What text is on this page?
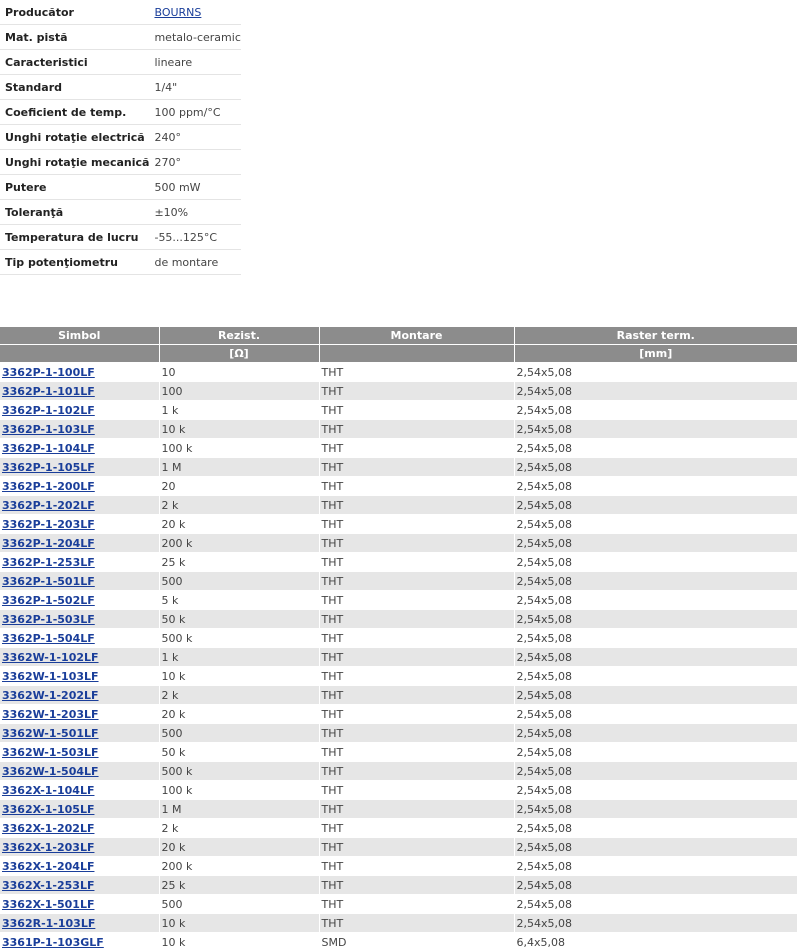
Producător	BOURNS
Mat. pistă	metalo-ceramic
Caracteristici	lineare
Standard	1/4"
Coeficient de temp.	100 ppm/°C
Unghi rotaţie electrică	240°
Unghi rotaţie mecanică	270°
Putere	500 mW
Toleranţă	±10%
Temperatura de lucru	-55...125°C
Tip potenţiometru	de montare
Simbol	Rezist.	Montare	Raster term.
	[Ω]		[mm]
3362P-1-100LF	10	THT	2,54x5,08
3362P-1-101LF	100	THT	2,54x5,08
3362P-1-102LF	1 k	THT	2,54x5,08
3362P-1-103LF	10 k	THT	2,54x5,08
3362P-1-104LF	100 k	THT	2,54x5,08
3362P-1-105LF	1 M	THT	2,54x5,08
3362P-1-200LF	20	THT	2,54x5,08
3362P-1-202LF	2 k	THT	2,54x5,08
3362P-1-203LF	20 k	THT	2,54x5,08
3362P-1-204LF	200 k	THT	2,54x5,08
3362P-1-253LF	25 k	THT	2,54x5,08
3362P-1-501LF	500	THT	2,54x5,08
3362P-1-502LF	5 k	THT	2,54x5,08
3362P-1-503LF	50 k	THT	2,54x5,08
3362P-1-504LF	500 k	THT	2,54x5,08
3362W-1-102LF	1 k	THT	2,54x5,08
3362W-1-103LF	10 k	THT	2,54x5,08
3362W-1-202LF	2 k	THT	2,54x5,08
3362W-1-203LF	20 k	THT	2,54x5,08
3362W-1-501LF	500	THT	2,54x5,08
3362W-1-503LF	50 k	THT	2,54x5,08
3362W-1-504LF	500 k	THT	2,54x5,08
3362X-1-104LF	100 k	THT	2,54x5,08
3362X-1-105LF	1 M	THT	2,54x5,08
3362X-1-202LF	2 k	THT	2,54x5,08
3362X-1-203LF	20 k	THT	2,54x5,08
3362X-1-204LF	200 k	THT	2,54x5,08
3362X-1-253LF	25 k	THT	2,54x5,08
3362X-1-501LF	500	THT	2,54x5,08
3362R-1-103LF	10 k	THT	2,54x5,08
3361P-1-103GLF	10 k	SMD	6,4x5,08
